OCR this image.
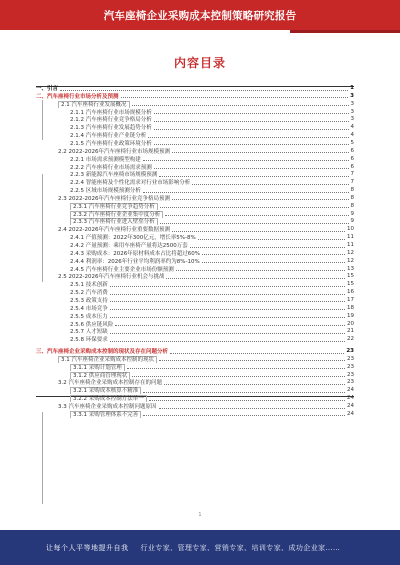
汽车座椅企业采购成本控制策略研究报告
内容目录
一、引言	1
二、汽车座椅行业市场分析及预测	3
2.1 汽车座椅行业发展概况	3
2.1.1 汽车座椅行业市场规模分析	3
2.1.2 汽车座椅行业竞争格局分析	3
2.1.3 汽车座椅行业发展趋势分析	4
2.1.4 汽车座椅行业产业链分析	4
2.1.5 汽车座椅行业政策环境分析	5
2.2 2022-2026年汽车座椅行业市场规模预测	6
2.2.1 市场需求预测模型构建	6
2.2.2 汽车座椅行业市场需求预测	6
2.2.3 新能源汽车座椅市场规模预测	7
2.2.4 智能座椅及个性化需求对行业市场影响分析	7
2.2.5 区域市场规模预测分析	8
2.3 2022-2026年汽车座椅行业竞争格局预测	8
2.3.1 汽车座椅行业竞争趋势分析	8
2.3.2 汽车座椅行业企业集中度分析	9
2.3.3 汽车座椅行业进入壁垒分析	9
2.4 2022-2026年汽车座椅行业重要数据预测	10
2.4.1 产值预测：2022年300亿元，增长率5%-8%	11
2.4.2 产量预测：乘用车座椅产量将达2500万套	11
2.4.3 采购成本：2026年原材料成本占比将超过60%	12
2.4.4 利润率：2026年行业平均利润率约为8%-10%	12
2.4.5 汽车座椅行业主要企业市场份额预测	13
2.5 2022-2026年汽车座椅行业机会与挑战	15
2.5.1 技术创新	15
2.5.2 汽车消费	16
2.5.3 政策支持	17
2.5.4 市场竞争	18
2.5.5 成本压力	19
2.5.6 供应链风险	20
2.5.7 人才短缺	21
2.5.8 环保要求	22
三、汽车座椅企业采购成本控制的现状及存在问题分析	23
3.1 汽车座椅企业采购成本控制的现状	23
3.1.1 采购计划管理	23
3.1.2 供应商管理现状	23
3.2 汽车座椅企业采购成本控制存在的问题	23
3.2.1 采购成本核算不精准	24
3.2.2 采购成本控制方法单一	24
3.3 汽车座椅企业采购成本控制问题原因	24
3.3.1 采购管理体系不完善	24
1
让每个人平等地提升自我 行业专家、管理专家、营销专家、培训专家、成功企业家……
